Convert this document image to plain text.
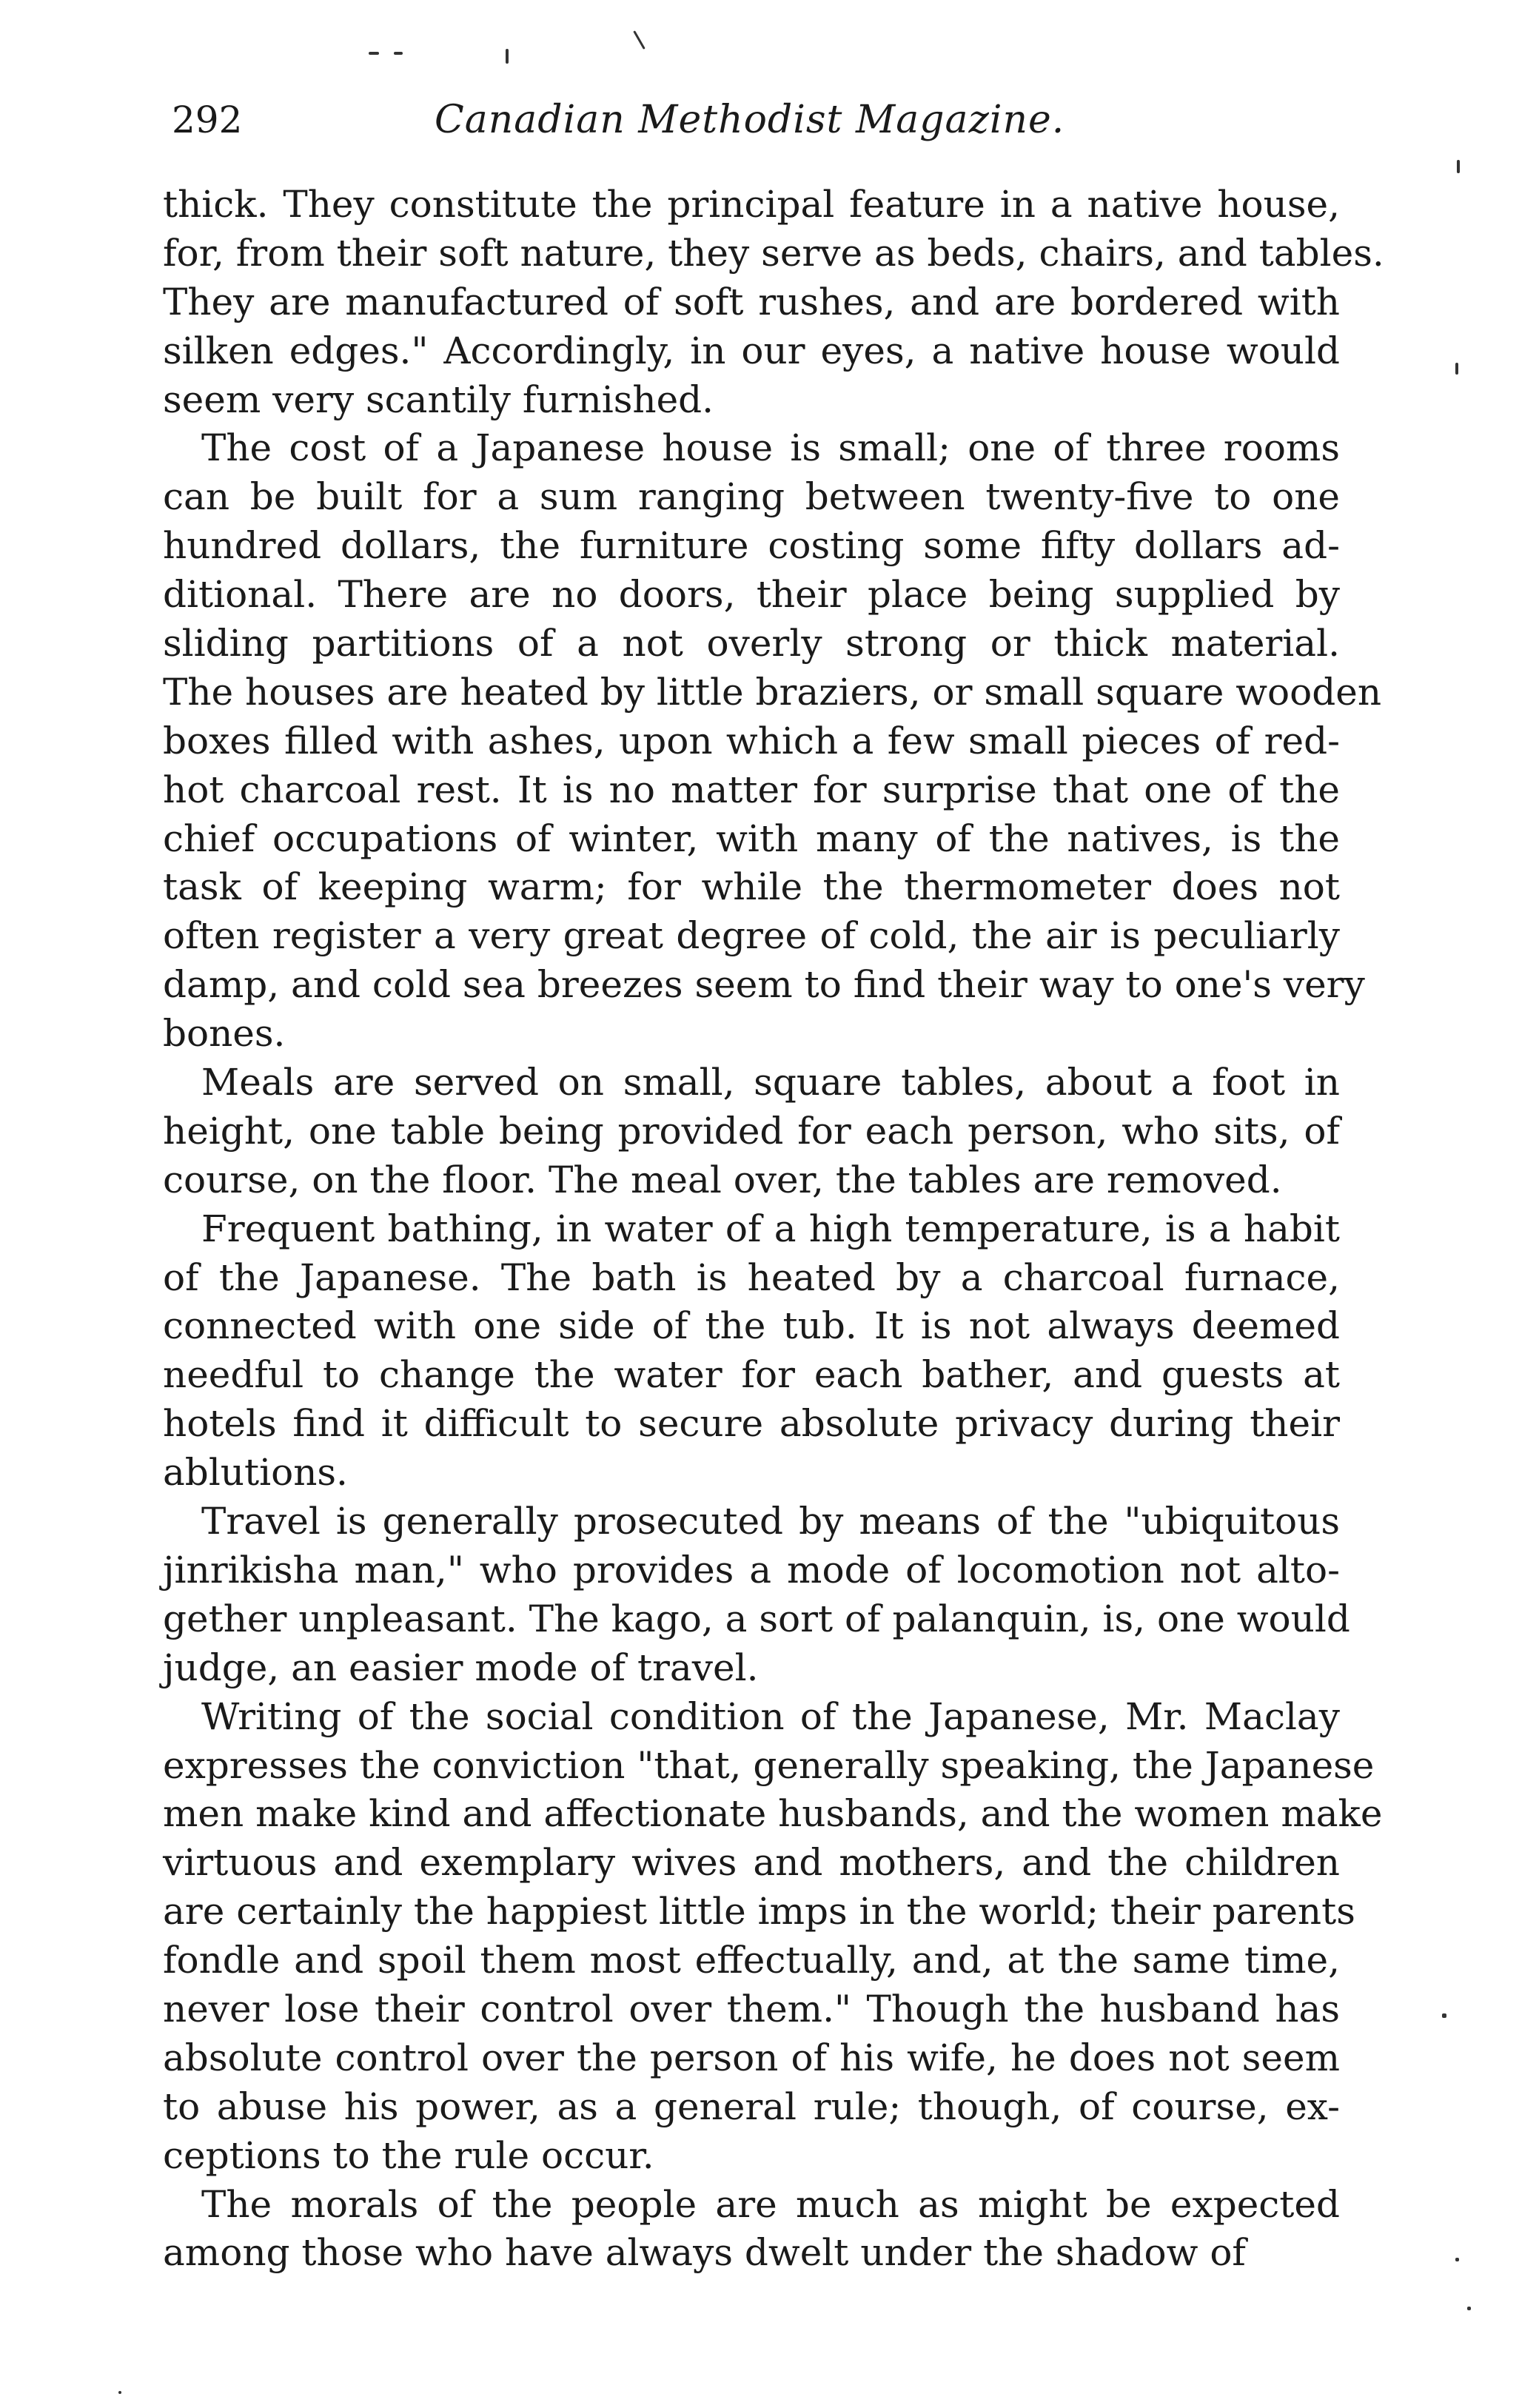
292	Canadian Methodist Magazine.
thick. They constitute the principal feature in a native house,
for, from their soft nature, they serve as beds, chairs, and tables.
They are manufactured of soft rushes, and are bordered with
silken edges." Accordingly, in our eyes, a native house would
seem very scantily furnished.
The cost of a Japanese house is small; one of three rooms
can be built for a sum ranging between twenty-five to one
hundred dollars, the furniture costing some fifty dollars ad-
ditional. There are no doors, their place being supplied by
sliding partitions of a not overly strong or thick material.
The houses are heated by little braziers, or small square wooden
boxes filled with ashes, upon which a few small pieces of red-
hot charcoal rest. It is no matter for surprise that one of the
chief occupations of winter, with many of the natives, is the
task of keeping warm; for while the thermometer does not
often register a very great degree of cold, the air is peculiarly
damp, and cold sea breezes seem to find their way to one's very
bones.
Meals are served on small, square tables, about a foot in
height, one table being provided for each person, who sits, of
course, on the floor. The meal over, the tables are removed.
Frequent bathing, in water of a high temperature, is a habit
of the Japanese. The bath is heated by a charcoal furnace,
connected with one side of the tub. It is not always deemed
needful to change the water for each bather, and guests at
hotels find it difficult to secure absolute privacy during their
ablutions.
Travel is generally prosecuted by means of the "ubiquitous
jinrikisha man," who provides a mode of locomotion not alto-
gether unpleasant. The kago, a sort of palanquin, is, one would
judge, an easier mode of travel.
Writing of the social condition of the Japanese, Mr. Maclay
expresses the conviction "that, generally speaking, the Japanese
men make kind and affectionate husbands, and the women make
virtuous and exemplary wives and mothers, and the children
are certainly the happiest little imps in the world; their parents
fondle and spoil them most effectually, and, at the same time,
never lose their control over them." Though the husband has
absolute control over the person of his wife, he does not seem
to abuse his power, as a general rule; though, of course, ex-
ceptions to the rule occur.
The morals of the people are much as might be expected
among those who have always dwelt under the shadow of
